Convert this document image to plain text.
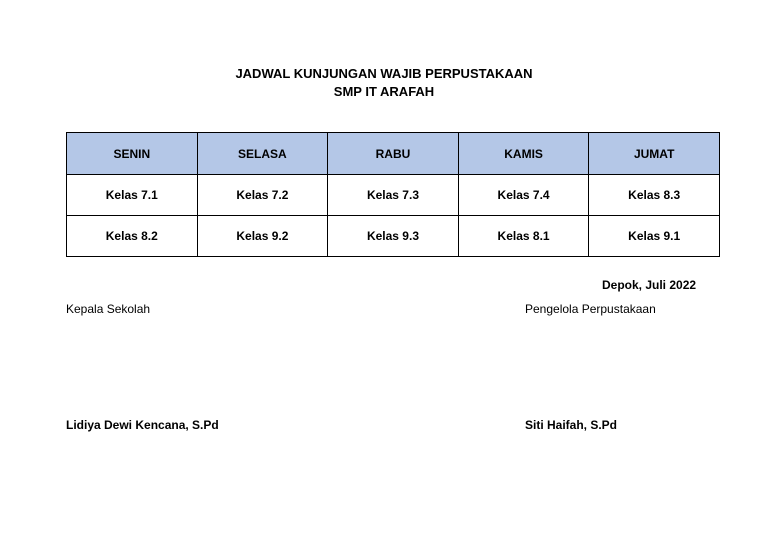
JADWAL KUNJUNGAN WAJIB PERPUSTAKAAN
SMP IT ARAFAH
SENIN	SELASA	RABU	KAMIS	JUMAT
Kelas 7.1	Kelas 7.2	Kelas 7.3	Kelas 7.4	Kelas 8.3
Kelas 8.2	Kelas 9.2	Kelas 9.3	Kelas 8.1	Kelas 9.1
Depok, Juli 2022
Kepala Sekolah	Pengelola Perpustakaan
Lidiya Dewi Kencana, S.Pd	Siti Haifah, S.Pd
